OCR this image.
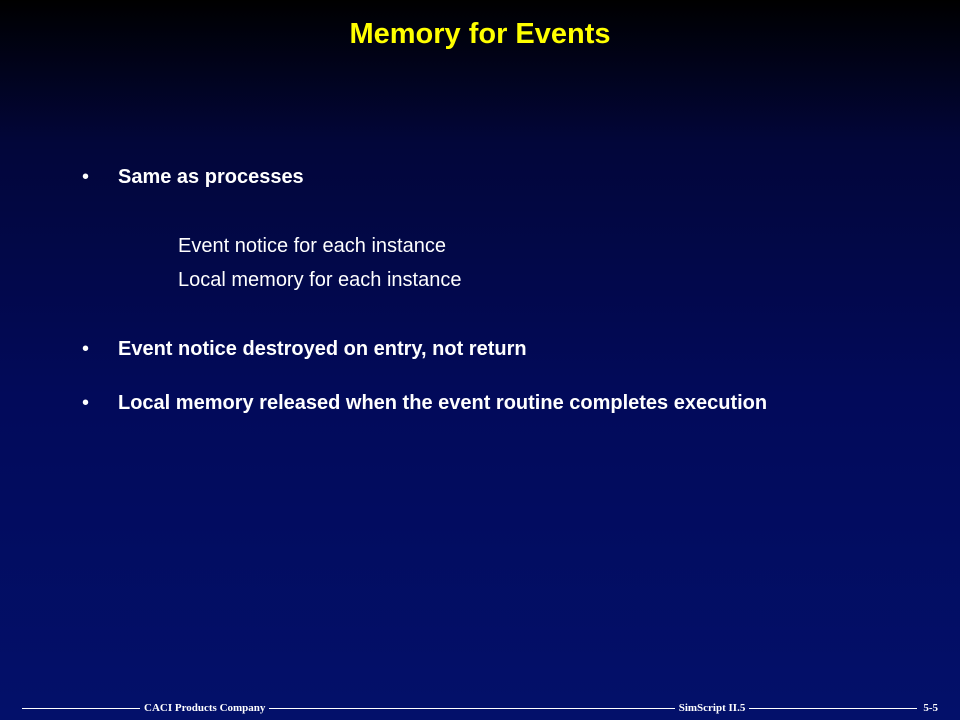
Memory for Events
•	Same as processes
Event notice for each instance
Local memory for each instance
•	Event notice destroyed on entry, not return
•	Local memory released when the event routine completes execution
CACI Products Company	SimScript II.5	5-5
